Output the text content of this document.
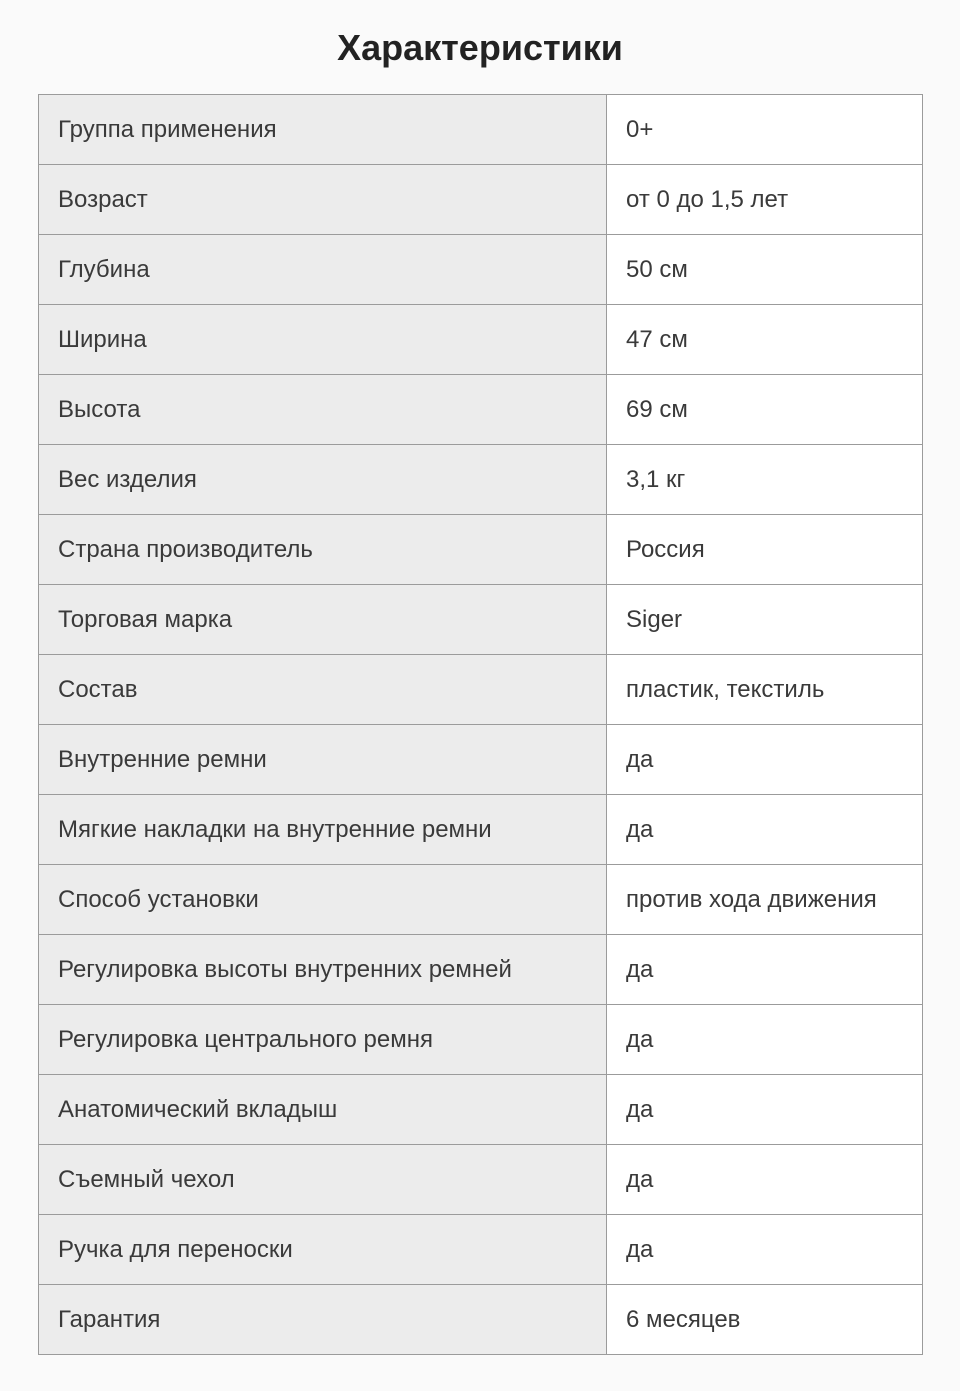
Характеристики
Группа применения	0+
Возраст	от 0 до 1,5 лет
Глубина	50 см
Ширина	47 см
Высота	69 см
Вес изделия	3,1 кг
Страна производитель	Россия
Торговая марка	Siger
Состав	пластик, текстиль
Внутренние ремни	да
Мягкие накладки на внутренние ремни	да
Способ установки	против хода движения
Регулировка высоты внутренних ремней	да
Регулировка центрального ремня	да
Анатомический вкладыш	да
Съемный чехол	да
Ручка для переноски	да
Гарантия	6 месяцев
